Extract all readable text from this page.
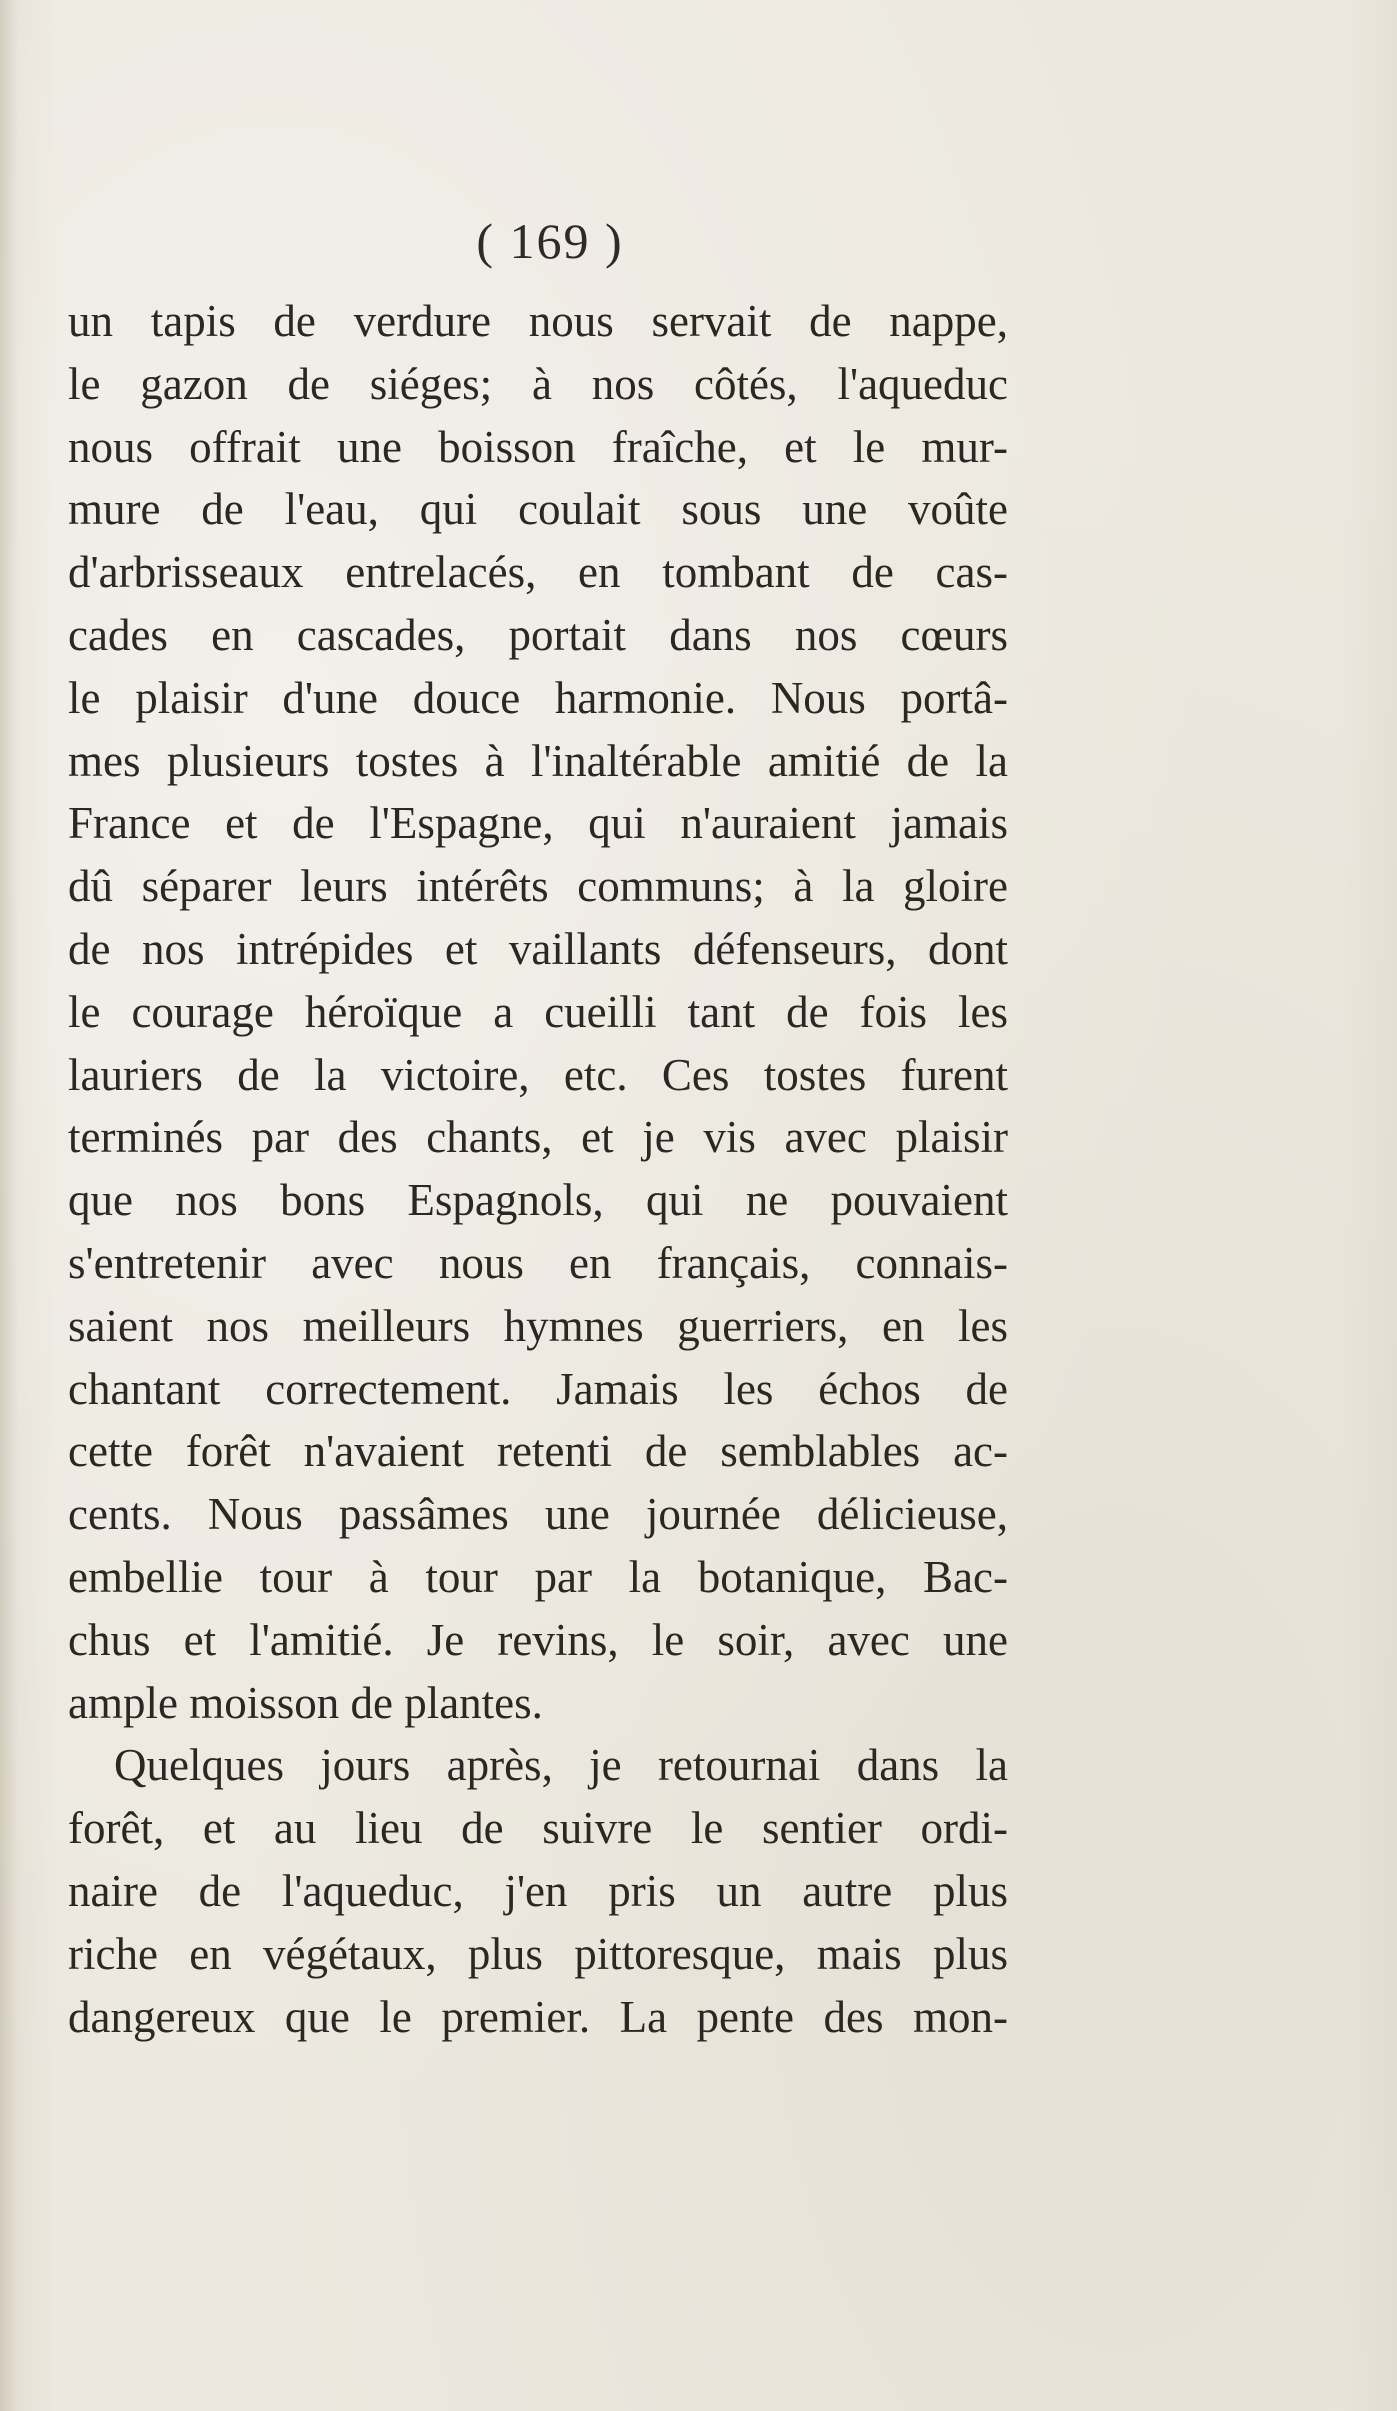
( 169 )
un tapis de verdure nous servait de nappe,
le gazon de siéges; à nos côtés, l'aqueduc
nous offrait une boisson fraîche, et le mur-
mure de l'eau, qui coulait sous une voûte
d'arbrisseaux entrelacés, en tombant de cas-
cades en cascades, portait dans nos cœurs
le plaisir d'une douce harmonie. Nous portâ-
mes plusieurs tostes à l'inaltérable amitié de la
France et de l'Espagne, qui n'auraient jamais
dû séparer leurs intérêts communs; à la gloire
de nos intrépides et vaillants défenseurs, dont
le courage héroïque a cueilli tant de fois les
lauriers de la victoire, etc. Ces tostes furent
terminés par des chants, et je vis avec plaisir
que nos bons Espagnols, qui ne pouvaient
s'entretenir avec nous en français, connais-
saient nos meilleurs hymnes guerriers, en les
chantant correctement. Jamais les échos de
cette forêt n'avaient retenti de semblables ac-
cents. Nous passâmes une journée délicieuse,
embellie tour à tour par la botanique, Bac-
chus et l'amitié. Je revins, le soir, avec une
ample moisson de plantes.
Quelques jours après, je retournai dans la
forêt, et au lieu de suivre le sentier ordi-
naire de l'aqueduc, j'en pris un autre plus
riche en végétaux, plus pittoresque, mais plus
dangereux que le premier. La pente des mon-
